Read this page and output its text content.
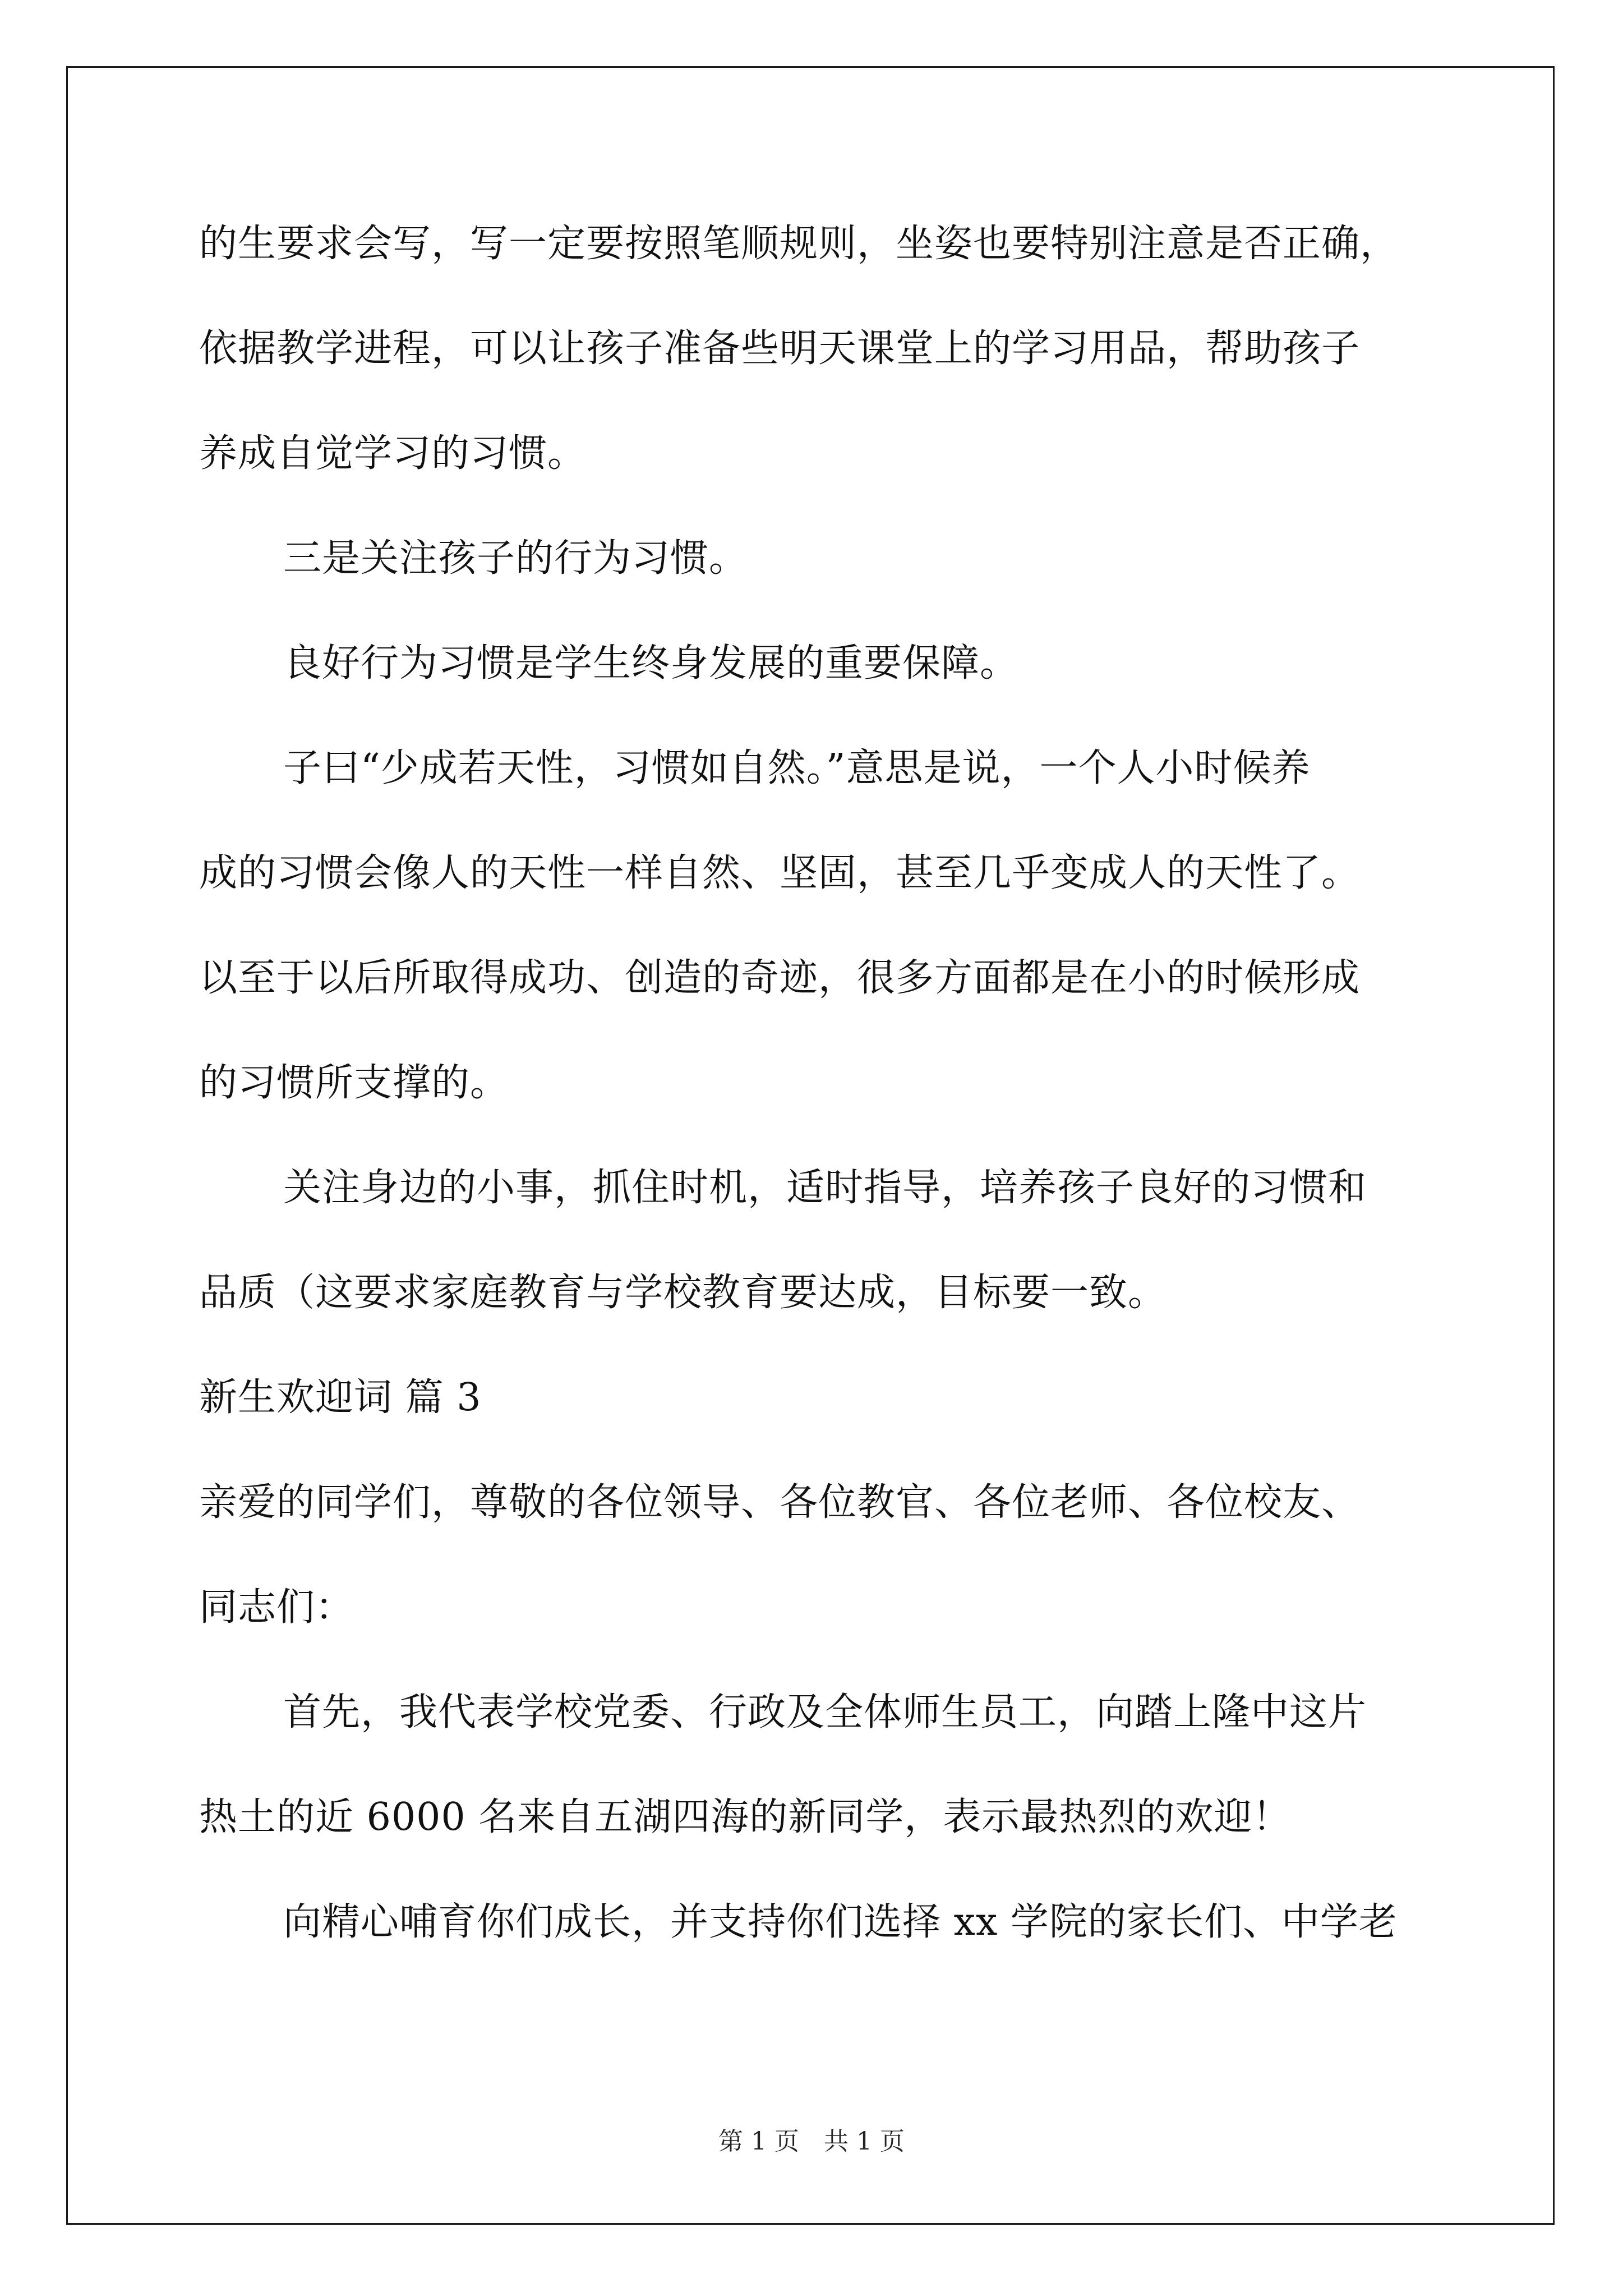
的生要求会写，写一定要按照笔顺规则，坐姿也要特别注意是否正确，
依据教学进程，可以让孩子准备些明天课堂上的学习用品，帮助孩子
养成自觉学习的习惯。
三是关注孩子的行为习惯。
良好行为习惯是学生终身发展的重要保障。
子曰“少成若天性，习惯如自然。”意思是说，一个人小时候养
成的习惯会像人的天性一样自然、坚固，甚至几乎变成人的天性了。
以至于以后所取得成功、创造的奇迹，很多方面都是在小的时候形成
的习惯所支撑的。
关注身边的小事，抓住时机，适时指导，培养孩子良好的习惯和
品质（这要求家庭教育与学校教育要达成，目标要一致。
新生欢迎词 篇 3
亲爱的同学们，尊敬的各位领导、各位教官、各位老师、各位校友、
同志们：
首先，我代表学校党委、行政及全体师生员工，向踏上隆中这片
热土的近 6000 名来自五湖四海的新同学，表示最热烈的欢迎！
向精心哺育你们成长，并支持你们选择 xx 学院的家长们、中学老
第 1 页　共 1 页
